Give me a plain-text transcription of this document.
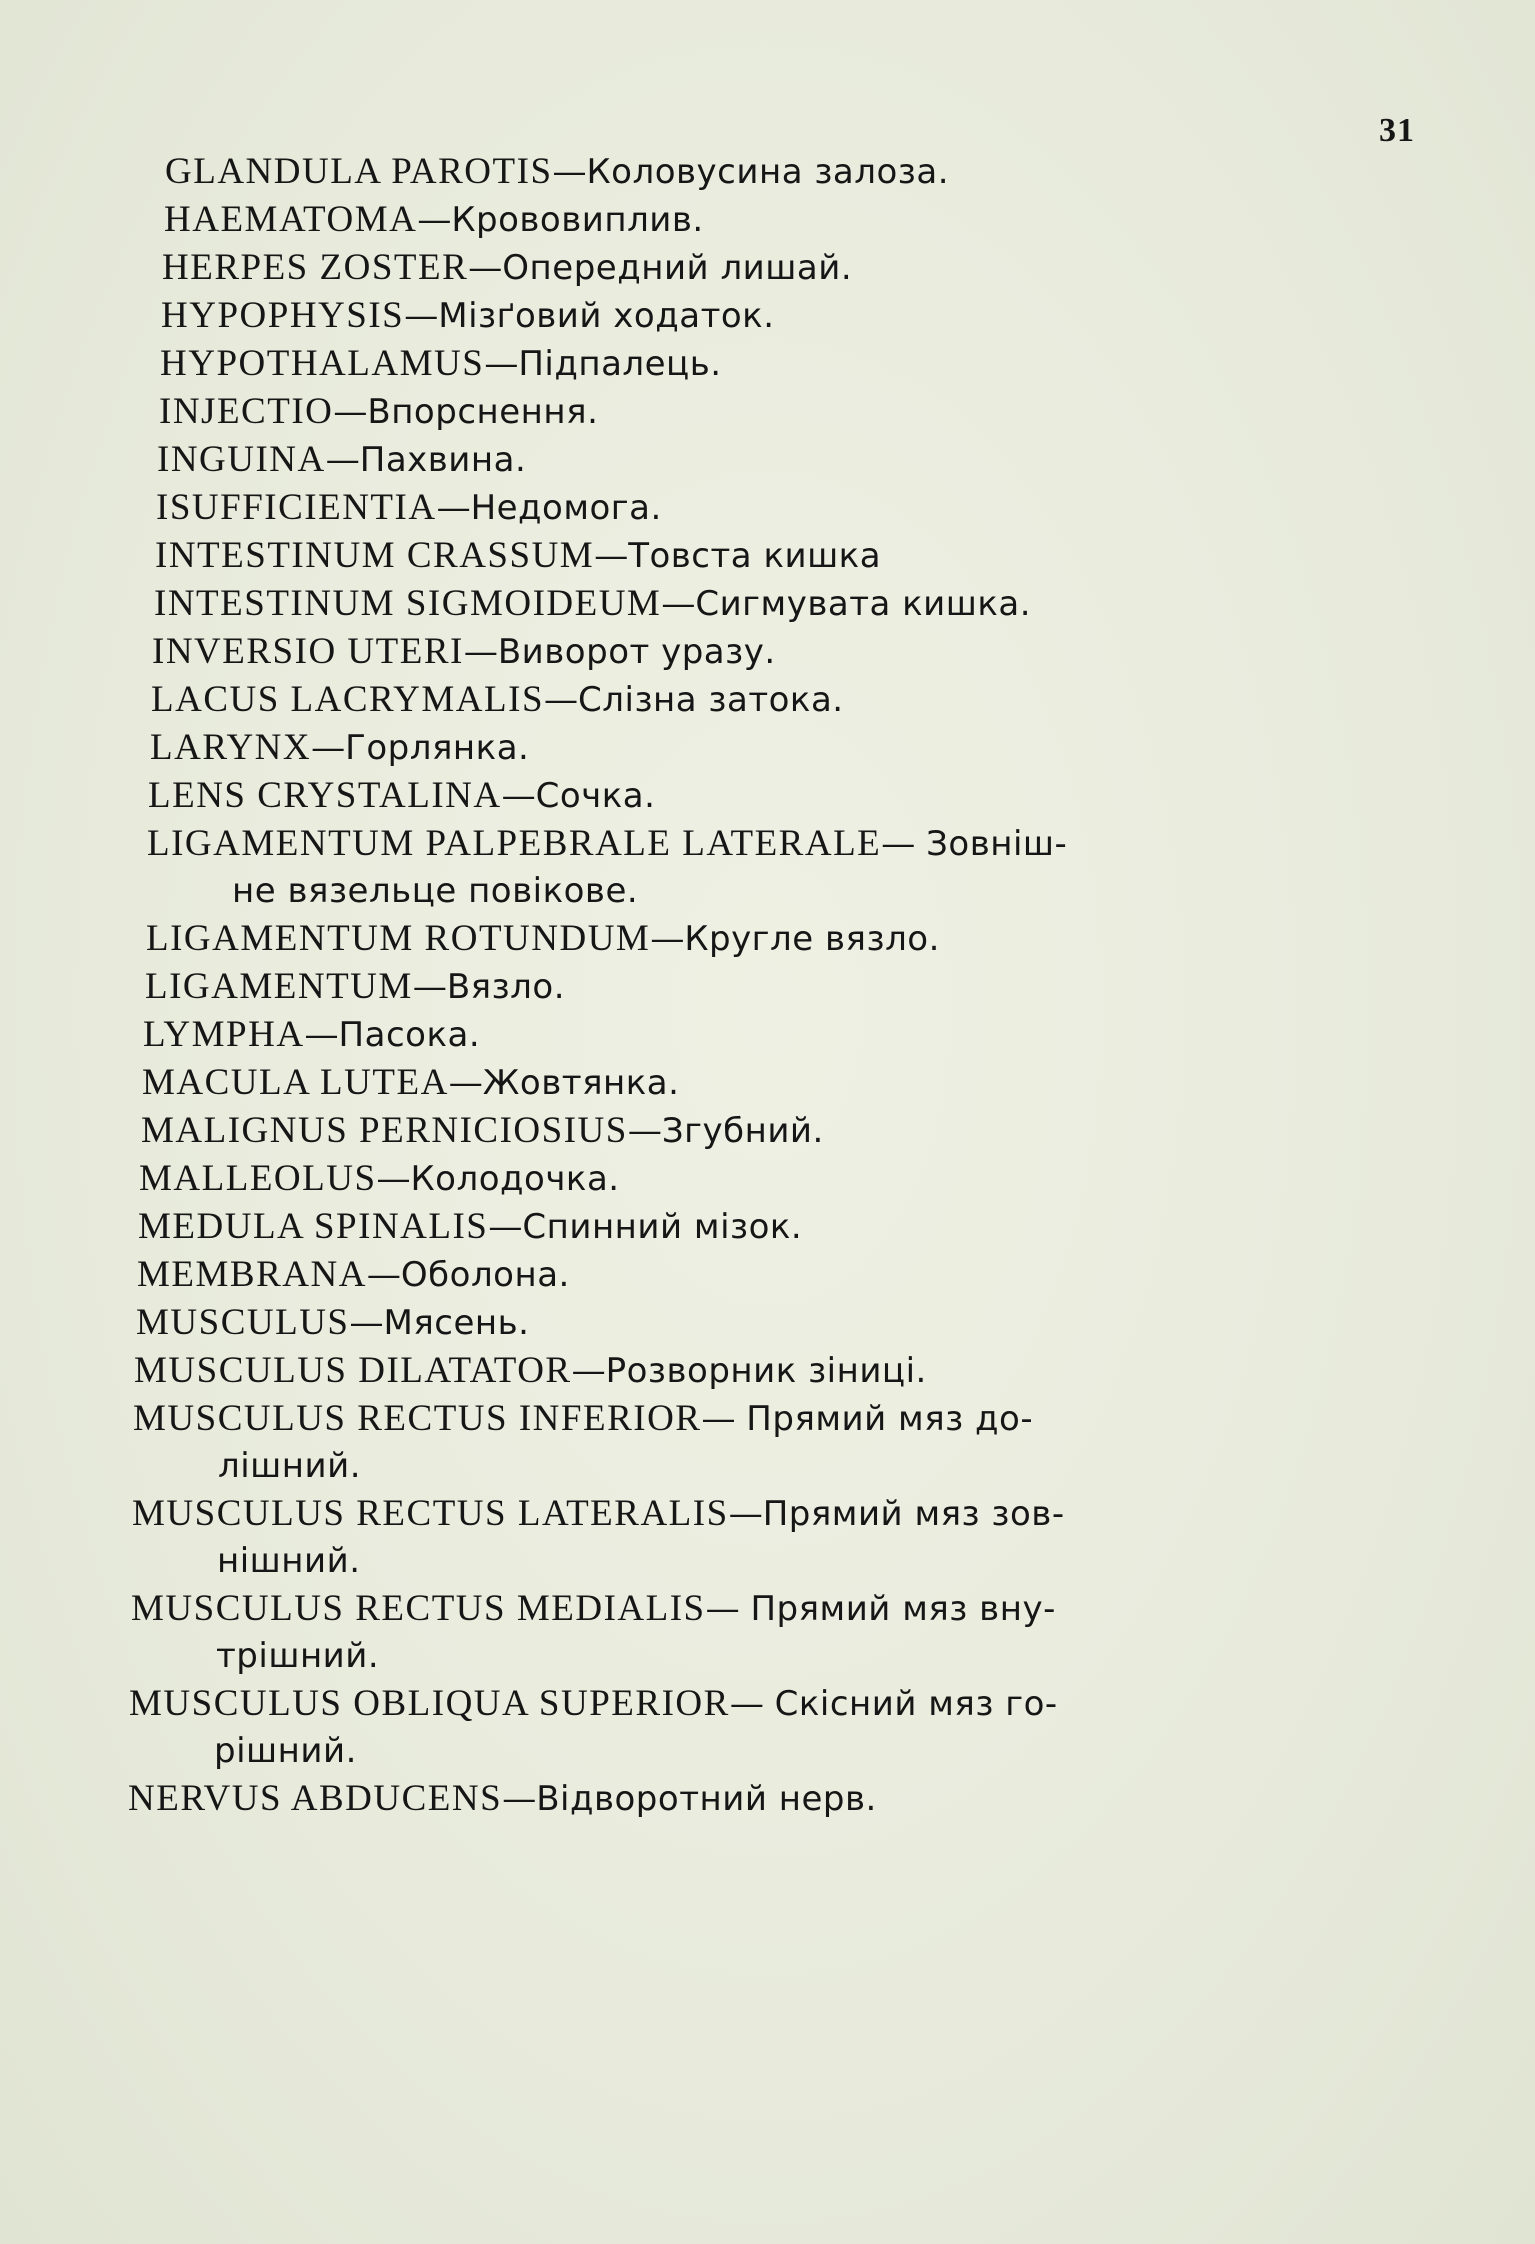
31
GLANDULA PAROTIS—Коловусина залоза.
HAEMATOMA—Крововиплив.
HERPES ZOSTER—Оперeдний лишай.
HYPOPHYSIS—Мізґовий ходаток.
HYPOTHALAMUS—Підпалець.
INJECTIO—Впорснення.
INGUINA—Пахвина.
ISUFFICIENTIA—Недомога.
INTESTINUM CRASSUM—Товста кишка
INTESTINUM SIGMOIDEUM—Сигмувата кишка.
INVERSIO UTERI—Виворот уразу.
LACUS LACRYMALIS—Слізна затока.
LARYNX—Горлянка.
LENS CRYSTALINA—Сочка.
LIGAMENTUM PALPEBRALE LATERALE— Зовніш-
не вязельце повікове.
LIGAMENTUM ROTUNDUM—Кругле вязло.
LIGAMENTUM—Вязло.
LYMPHA—Пасока.
MACULA LUTEA—Жовтянка.
MALIGNUS PERNICIOSIUS—Згубний.
MALLEOLUS—Колодочка.
MEDULA SPINALIS—Спинний мізок.
MEMBRANA—Оболона.
MUSCULUS—Мясень.
MUSCULUS DILATATOR—Розворник зіниці.
MUSCULUS RECTUS INFERIOR— Прямий мяз до-
лішний.
MUSCULUS RECTUS LATERALIS—Прямий мяз зов-
нішний.
MUSCULUS RECTUS MEDIALIS— Прямий мяз вну-
трішний.
MUSCULUS OBLIQUA SUPERIOR— Скісний мяз го-
рішний.
NERVUS ABDUCENS—Відворотний нерв.
